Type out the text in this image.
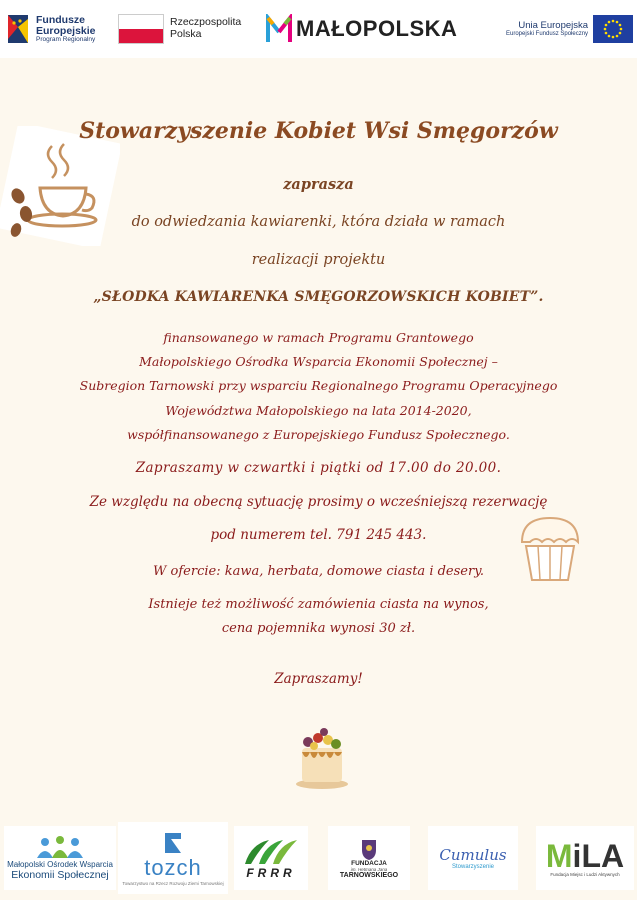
Fundusze
Europejskie
Program Regionalny
Rzeczpospolita
Polska	MAŁOPOLSKA	Unia Europejska
Europejski Fundusz Społeczny
Stowarzyszenie Kobiet Wsi Smęgorzów
zaprasza
do odwiedzania kawiarenki, która działa w ramach
realizacji projektu
„SŁODKA KAWIARENKA SMĘGORZOWSKICH KOBIET”.
finansowanego w ramach Programu Grantowego
Małopolskiego Ośrodka Wsparcia Ekonomii Społecznej –
Subregion Tarnowski przy wsparciu Regionalnego Programu Operacyjnego
Województwa Małopolskiego na lata 2014-2020,
współfinansowanego z Europejskiego Fundusz Społecznego.
Zapraszamy w czwartki i piątki od 17.00 do 20.00.
Ze względu na obecną sytuację prosimy o wcześniejszą rezerwację
pod numerem tel. 791 245 443.
W ofercie: kawa, herbata, domowe ciasta i desery.
Istnieje też możliwość zamówienia ciasta na wynos,
cena pojemnika wynosi 30 zł.
Zapraszamy!
Małopolski Ośrodek Wsparcia
Ekonomii Społecznej tozch
Towarzystwo na Rzecz Rozwoju Ziemi Tarnowskiej
FRRR
FUNDACJA
im. Hetmana Jana
TARNOWSKIEGO
Cumulus
Stowarzyszenie MiLA
Fundacja Miejsc i Ludzi Aktywnych
